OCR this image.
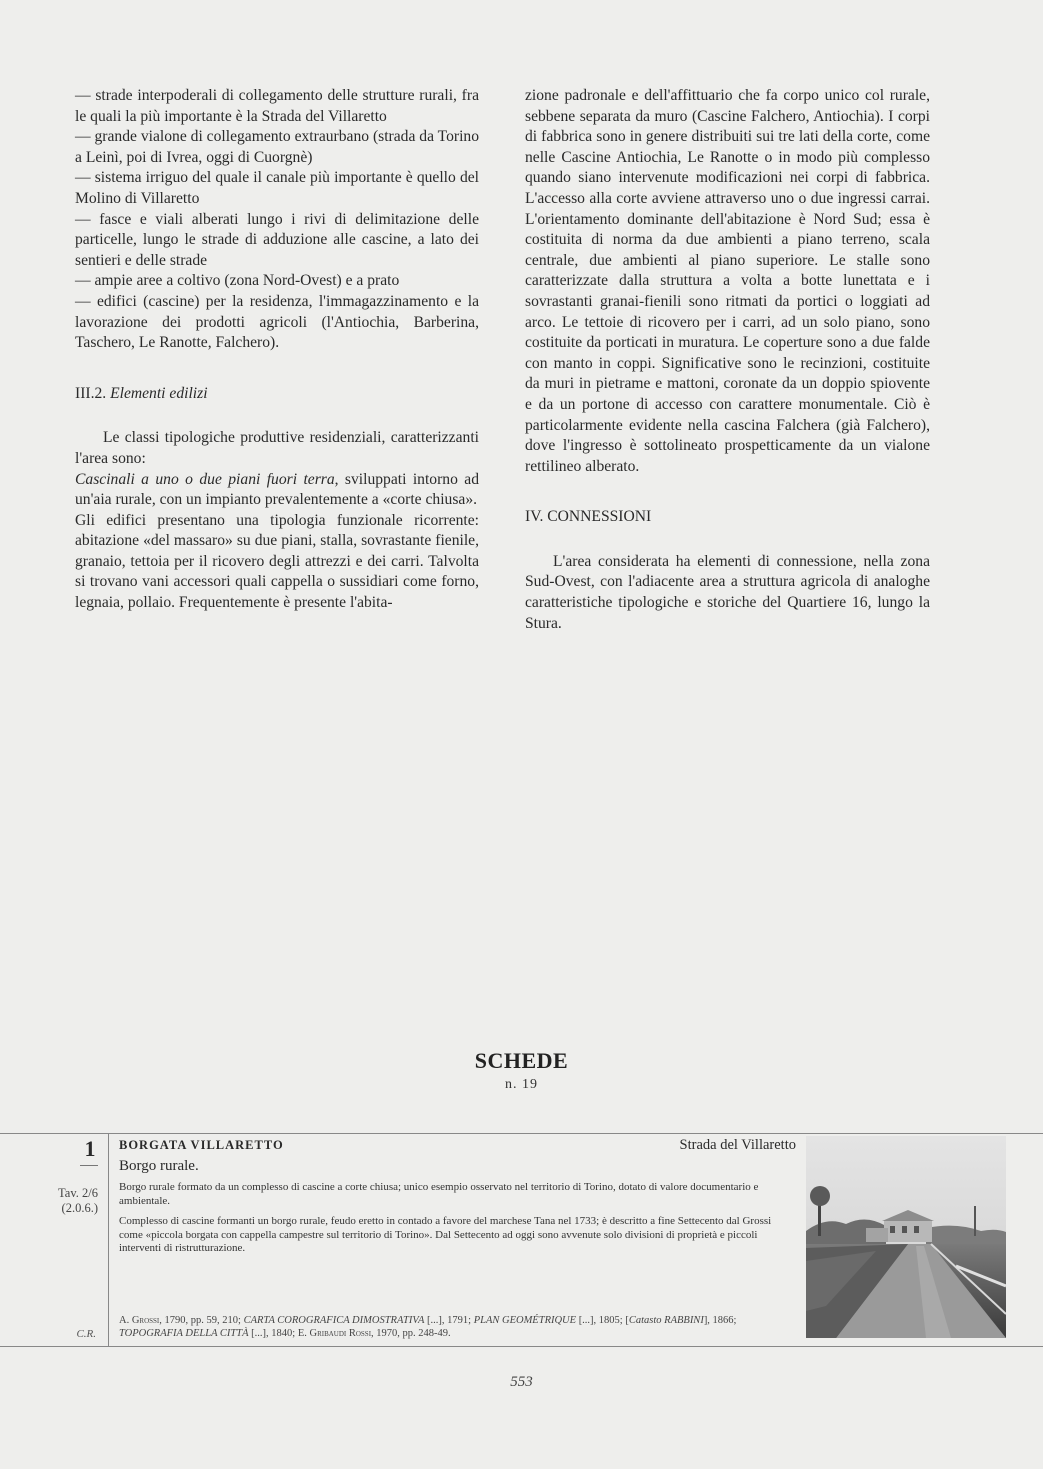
— strade interpoderali di collegamento delle strutture rurali, fra le quali la più importante è la Strada del Villaretto

— grande vialone di collegamento extraurbano (strada da Torino a Leinì, poi di Ivrea, oggi di Cuorgnè)

— sistema irriguo del quale il canale più importante è quello del Molino di Villaretto

— fasce e viali alberati lungo i rivi di delimitazione delle particelle, lungo le strade di adduzione alle cascine, a lato dei sentieri e delle strade

— ampie aree a coltivo (zona Nord-Ovest) e a prato

— edifici (cascine) per la residenza, l'immagazzinamento e la lavorazione dei prodotti agricoli (l'Antiochia, Barberina, Taschero, Le Ranotte, Falchero).

III.2. Elementi edilizi

Le classi tipologiche produttive residenziali, caratterizzanti l'area sono:

Cascinali a uno o due piani fuori terra, sviluppati intorno ad un'aia rurale, con un impianto prevalentemente a «corte chiusa».

Gli edifici presentano una tipologia funzionale ricorrente: abitazione «del massaro» su due piani, stalla, sovrastante fienile, granaio, tettoia per il ricovero degli attrezzi e dei carri. Talvolta si trovano vani accessori quali cappella o sussidiari come forno, legnaia, pollaio. Frequentemente è presente l'abita-

zione padronale e dell'affittuario che fa corpo unico col rurale, sebbene separata da muro (Cascine Falchero, Antiochia). I corpi di fabbrica sono in genere distribuiti sui tre lati della corte, come nelle Cascine Antiochia, Le Ranotte o in modo più complesso quando siano intervenute modificazioni nei corpi di fabbrica. L'accesso alla corte avviene attraverso uno o due ingressi carrai. L'orientamento dominante dell'abitazione è Nord Sud; essa è costituita di norma da due ambienti a piano terreno, scala centrale, due ambienti al piano superiore. Le stalle sono caratterizzate dalla struttura a volta a botte lunettata e i sovrastanti granai-fienili sono ritmati da portici o loggiati ad arco. Le tettoie di ricovero per i carri, ad un solo piano, sono costituite da porticati in muratura. Le coperture sono a due falde con manto in coppi. Significative sono le recinzioni, costituite da muri in pietrame e mattoni, coronate da un doppio spiovente e da un portone di accesso con carattere monumentale. Ciò è particolarmente evidente nella cascina Falchera (già Falchero), dove l'ingresso è sottolineato prospetticamente da un vialone rettilineo alberato.

IV. CONNESSIONI

L'area considerata ha elementi di connessione, nella zona Sud-Ovest, con l'adiacente area a struttura agricola di analoghe caratteristiche tipologiche e storiche del Quartiere 16, lungo la Stura.

SCHEDE
n. 19
1
Tav. 2/6
(2.0.6.)
C.R.
BORGATA VILLARETTO	Strada del Villaretto
Borgo rurale.
Borgo rurale formato da un complesso di cascine a corte chiusa; unico esempio osservato nel territorio di Torino, dotato di valore documentario e ambientale.
Complesso di cascine formanti un borgo rurale, feudo eretto in contado a favore del marchese Tana nel 1733; è descritto a fine Settecento dal Grossi come «piccola borgata con cappella campestre sul territorio di Torino». Dal Settecento ad oggi sono avvenute solo divisioni di proprietà e piccoli interventi di ristrutturazione.
A. Grossi, 1790, pp. 59, 210; CARTA COROGRAFICA DIMOSTRATIVA [...], 1791; PLAN GEOMÉTRIQUE [...], 1805; [Catasto RABBINI], 1866; TOPOGRAFIA DELLA CITTÀ [...], 1840; E. Gribaudi Rossi, 1970, pp. 248-49.
553
